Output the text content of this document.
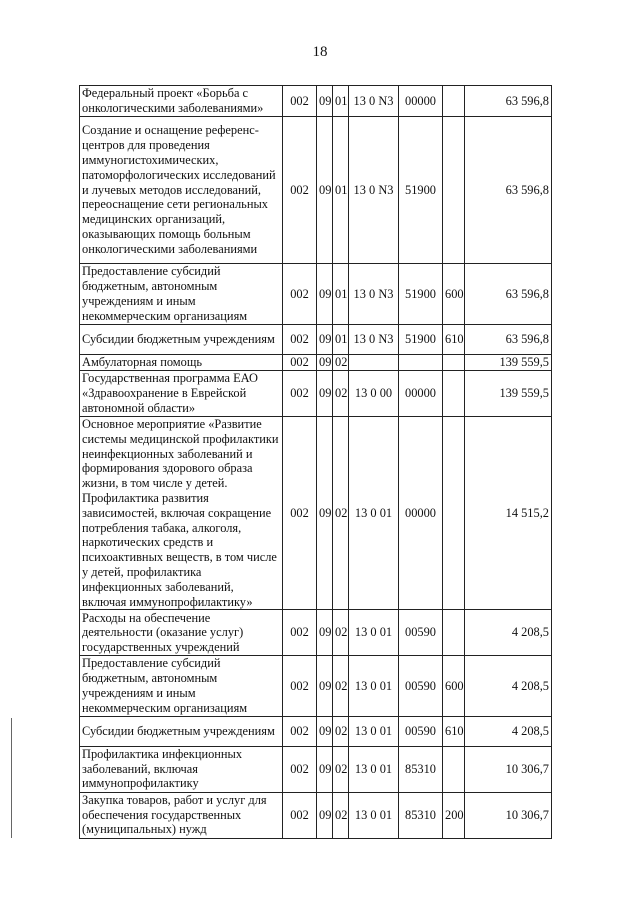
18
Федеральный проект «Борьба с онкологическими заболеваниями»	002	09	01	13 0 N3	00000		63 596,8
Создание и оснащение референс-центров для проведения иммуногистохимических, патоморфологических исследований и лучевых методов исследований, переоснащение сети региональных медицинских организаций, оказывающих помощь больным онкологическими заболеваниями	002	09	01	13 0 N3	51900		63 596,8
Предоставление субсидий бюджетным, автономным учреждениям и иным некоммерческим организациям	002	09	01	13 0 N3	51900	600	63 596,8
Субсидии бюджетным учреждениям	002	09	01	13 0 N3	51900	610	63 596,8
Амбулаторная помощь	002	09	02				139 559,5
Государственная программа ЕАО «Здравоохранение в Еврейской автономной области»	002	09	02	13 0 00	00000		139 559,5
Основное мероприятие «Развитие системы медицинской профилактики неинфекционных заболеваний и формирования здорового образа жизни, в том числе у детей. Профилактика развития зависимостей, включая сокращение потребления табака, алкоголя, наркотических средств и психоактивных веществ, в том числе у детей, профилактика инфекционных заболеваний, включая иммунопрофилактику»	002	09	02	13 0 01	00000		14 515,2
Расходы на обеспечение деятельности (оказание услуг) государственных учреждений	002	09	02	13 0 01	00590		4 208,5
Предоставление субсидий бюджетным, автономным учреждениям и иным некоммерческим организациям	002	09	02	13 0 01	00590	600	4 208,5
Субсидии бюджетным учреждениям	002	09	02	13 0 01	00590	610	4 208,5
Профилактика инфекционных заболеваний, включая иммунопрофилактику	002	09	02	13 0 01	85310		10 306,7
Закупка товаров, работ и услуг для обеспечения государственных (муниципальных) нужд	002	09	02	13 0 01	85310	200	10 306,7
